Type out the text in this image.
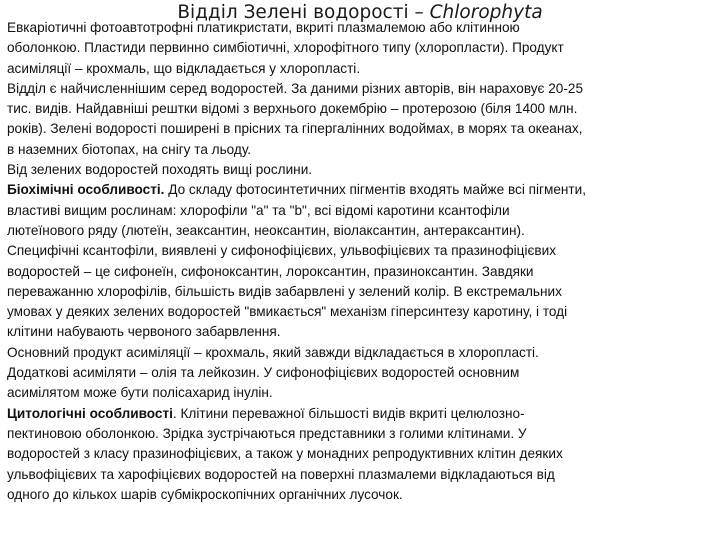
Евкаріотичні фотоавтотрофні платикристати, вкриті плазмалемою або клітинною
оболонкою. Пластиди первинно симбіотичні, хлорофітного типу (хлоропласти). Продукт
асиміляції – крохмаль, що відкладається у хлоропласті.
Відділ є найчисленнішим серед водоростей. За даними різних авторів, він нараховує 20-25
тис. видів. Найдавніші рештки відомі з верхнього докембрію – протерозою (біля 1400 млн.
років). Зелені водорості поширені в прісних та гіпергалінних водоймах, в морях та океанах,
в наземних біотопах, на снігу та льоду.
Від зелених водоростей походять вищі рослини.
Біохімічні особливості. До складу фотосинтетичних пігментів входять майже всі пігменти,
властиві вищим рослинам: хлорофіли "а" та "b", всі відомі каротини ксантофіли
лютеїнового ряду (лютеїн, зеаксантин, неоксантин, віолаксантин, антераксантин).
Специфічні ксантофіли, виявлені у сифонофіцієвих, ульвофіцієвих та празинофіцієвих
водоростей – це сифонеїн, сифоноксантин, лороксантин, празиноксантин. Завдяки
переважанню хлорофілів, більшість видів забарвлені у зелений колір. В екстремальних
умовах у деяких зелених водоростей "вмикається" механізм гіперсинтезу каротину, і тоді
клітини набувають червоного забарвлення.
Основний продукт асиміляції – крохмаль, який завжди відкладається в хлоропласті.
Додаткові асиміляти – олія та лейкозин. У сифонофіцієвих водоростей основним
асимілятом може бути полісахарид інулін.
Цитологічні особливості. Клітини переважної більшості видів вкриті целюлозно-
пектиновою оболонкою. Зрідка зустрічаються представники з голими клітинами. У
водоростей з класу празинофіцієвих, а також у монадних репродуктивних клітин деяких
ульвофіцієвих та харофіцієвих водоростей на поверхні плазмалеми відкладаються від
одного до кількох шарів субмікроскопічних органічних лусочок.
Відділ Зелені водорості – Chlorophyta
